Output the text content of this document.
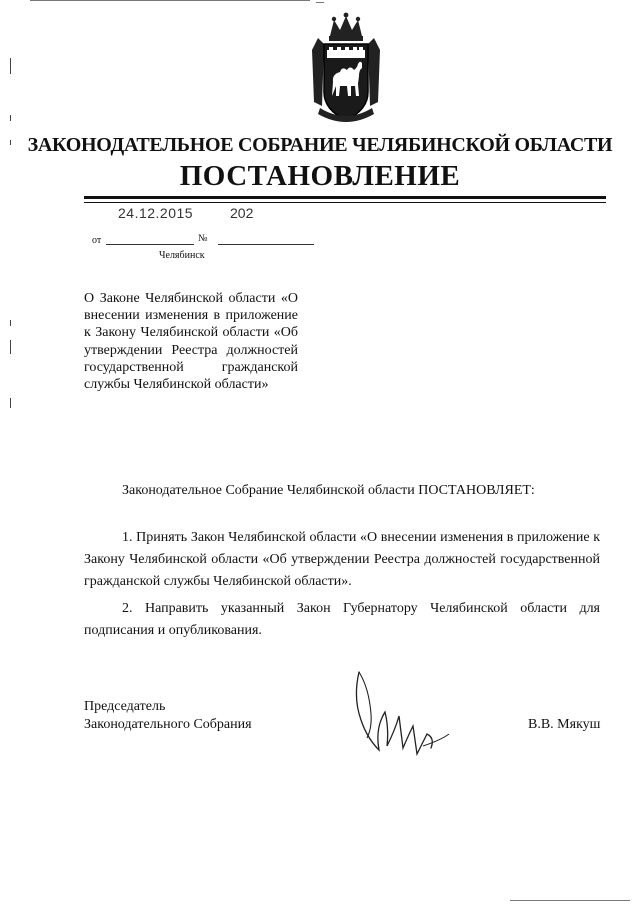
ЗАКОНОДАТЕЛЬНОЕ СОБРАНИЕ ЧЕЛЯБИНСКОЙ ОБЛАСТИ
ПОСТАНОВЛЕНИЕ
24.12.2015	202
от	№
Челябинск
О Законе Челябинской области «О внесении изменения в приложение к Закону Челябинской области «Об утверждении Реестра должностей государственной гражданской службы Челябинской области»
Законодательное Собрание Челябинской области ПОСТАНОВЛЯЕТ:
1. Принять Закон Челябинской области «О внесении изменения в приложение к Закону Челябинской области «Об утверждении Реестра должностей государственной гражданской службы Челябинской области».
2. Направить указанный Закон Губернатору Челябинской области для подписания и опубликования.
Председатель
Законодательного Собрания	В.В. Мякуш
